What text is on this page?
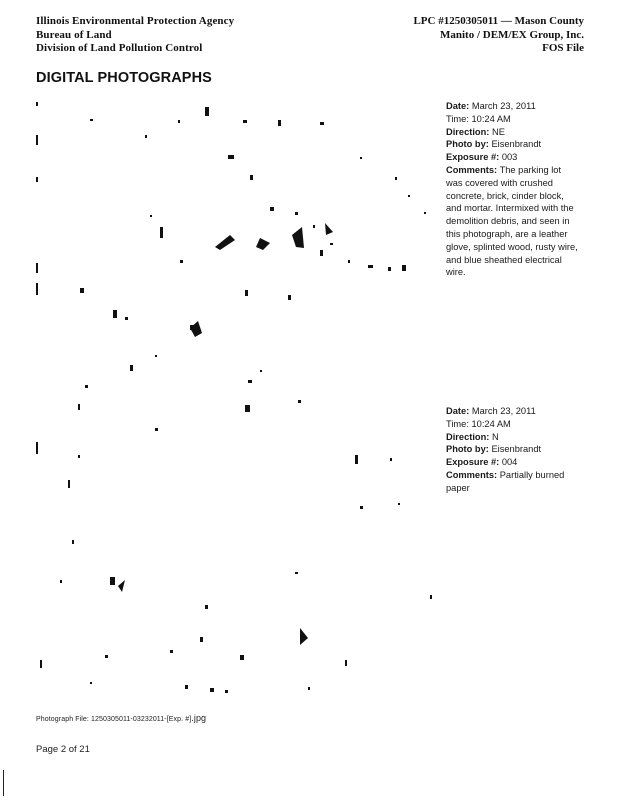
Illinois Environmental Protection Agency
Bureau of Land
Division of Land Pollution Control
LPC #1250305011 — Mason County
Manito / DEM/EX Group, Inc.
FOS File
DIGITAL PHOTOGRAPHS
Date: March 23, 2011
Time: 10:24 AM
Direction: NE
Photo by: Eisenbrandt
Exposure #: 003
Comments: The parking lot was covered with crushed concrete, brick, cinder block, and mortar. Intermixed with the demolition debris, and seen in this photograph, are a leather glove, splinted wood, rusty wire, and blue sheathed electrical wire.
Date: March 23, 2011
Time: 10:24 AM
Direction: N
Photo by: Eisenbrandt
Exposure #: 004
Comments: Partially burned paper
Photograph File: 1250305011-03232011-[Exp. #].jpg
Page 2 of 21
